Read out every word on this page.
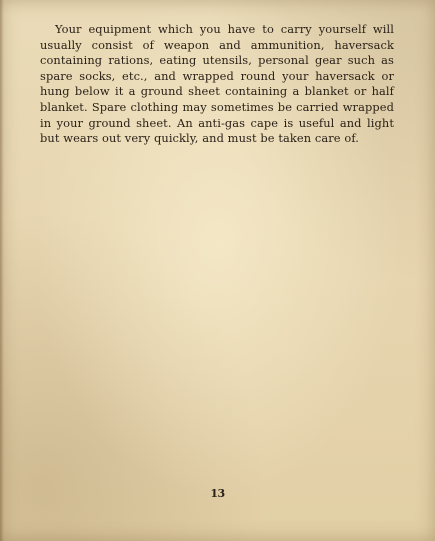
Your equipment which you have to carry yourself will usually consist of weapon and ammunition, haversack containing rations, eating utensils, personal gear such as spare socks, etc., and wrapped round your haversack or hung below it a ground sheet containing a blanket or half blanket. Spare clothing may sometimes be carried wrapped in your ground sheet. An anti-gas cape is useful and light but wears out very quickly, and must be taken care of.

13
